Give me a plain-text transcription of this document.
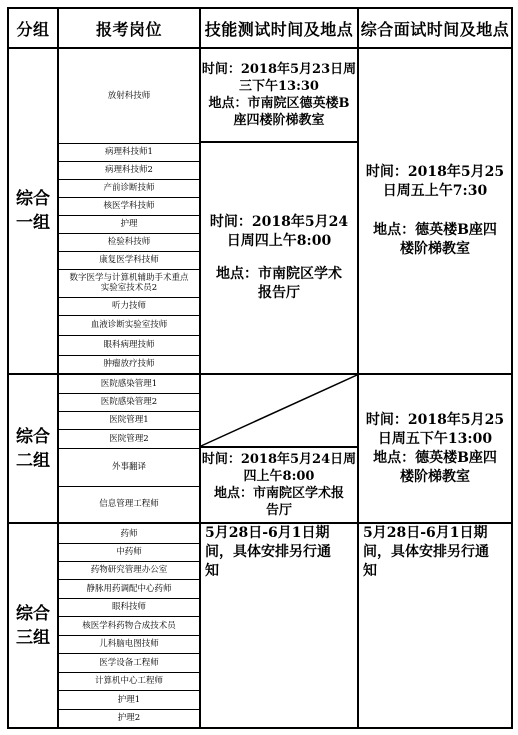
分组	报考岗位	技能测试时间及地点 综合面试时间及地点
综合
一组
放射科技师
病理科技师1
病理科技师2
产前诊断技师
核医学科技师
护理
检验科技师
康复医学科技师
数字医学与计算机辅助手术重点
实验室技术员2
听力技师
血液诊断实验室技师
眼科病理技师
肿瘤放疗技师
时间：2018年5月23日周
三下午13:30
地点：市南院区德英楼B
座四楼阶梯教室
时间：2018年5月24
日周四上午8:00
地点：市南院区学术
报告厅
时间：2018年5月25
日周五上午7:30
地点：德英楼B座四
楼阶梯教室
综合
二组
医院感染管理1
医院感染管理2
医院管理1
医院管理2
外事翻译
信息管理工程师
时间：2018年5月24日周
四上午8:00
地点：市南院区学术报
告厅
时间：2018年5月25
日周五下午13:00
地点：德英楼B座四
楼阶梯教室
综合
三组
药师
中药师
药物研究管理办公室
静脉用药调配中心药师
眼科技师
核医学科药物合成技术员
儿科脑电图技师
医学设备工程师
计算机中心工程师
护理1
护理2
5月28日-6月1日期
间，具体安排另行通
知
5月28日-6月1日期
间，具体安排另行通
知
